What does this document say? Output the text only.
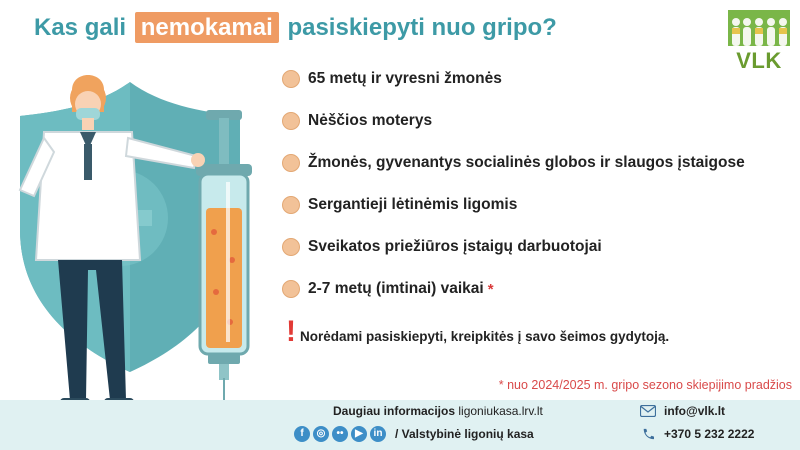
Kas gali nemokamai pasiskiepyti nuo gripo?
VLK
65 metų ir vyresni žmonės
Nėščios moterys
Žmonės, gyvenantys socialinės globos ir slaugos įstaigose
Sergantieji lėtinėmis ligomis
Sveikatos priežiūros įstaigų darbuotojai
2-7 metų (imtinai) vaikai *
! Norėdami pasiskiepyti, kreipkitės į savo šeimos gydytoją.
* nuo 2024/2025 m. gripo sezono skiepijimo pradžios
Daugiau informacijos ligoniukasa.lrv.lt
f	◎	••	▶	in / Valstybinė ligonių kasa
info@vlk.lt
+370 5 232 2222
